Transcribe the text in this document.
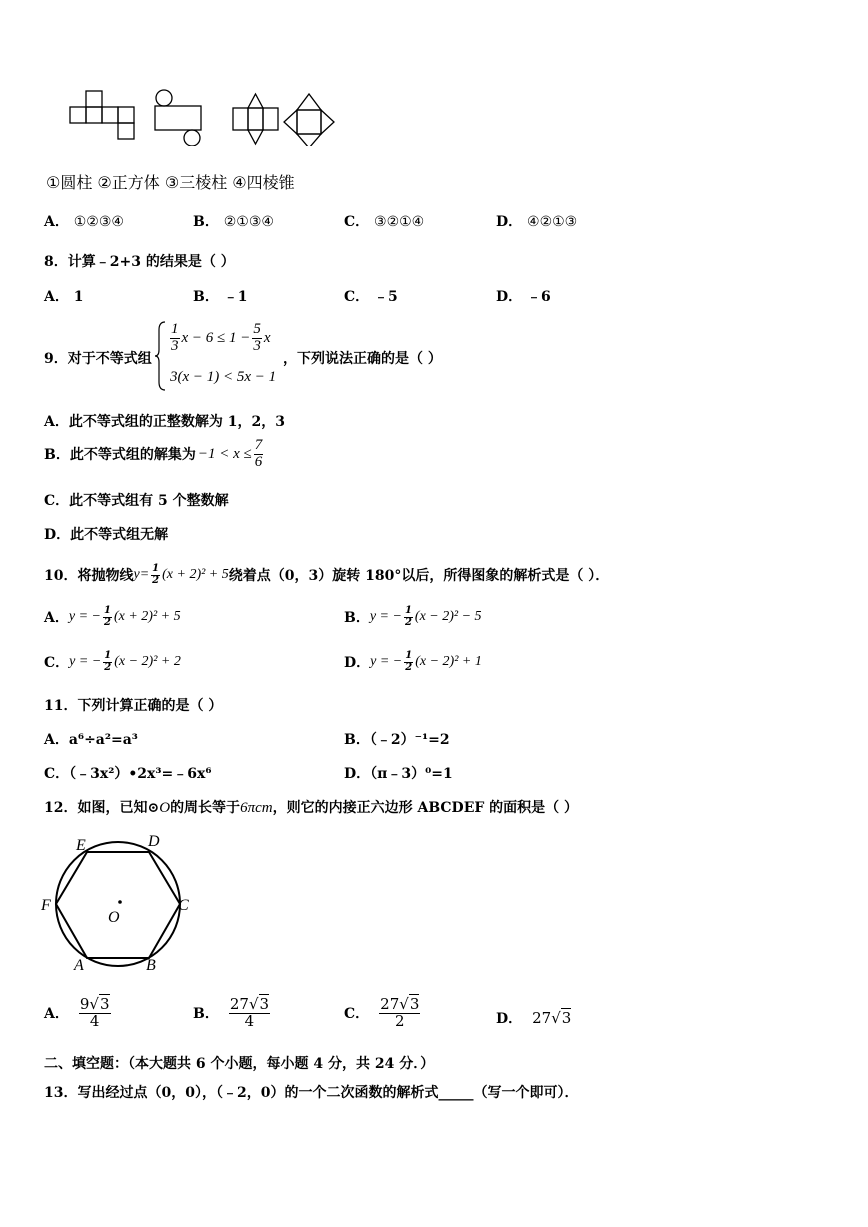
①圆柱 ②正方体 ③三棱柱 ④四棱锥
A． ①②③④	B． ②①③④	C． ③②①④	D． ④②①③
8．计算﹣2+3 的结果是（ ）
A． 1	B． ﹣1	C． ﹣5	D． ﹣6
9．对于不等式组
$\frac{1}{3}$ $x - 6 \le 1 - \frac{5}{3}$ x
3(x − 1) < 5x − 1
，下列说法正确的是（ ）
A．此不等式组的正整数解为 1，2，3
B．此不等式组的解集为 $-1 < x \le \frac{7}{6}$
C．此不等式组有 5 个整数解
D．此不等式组无解
10．将抛物线 $y= \frac{1}{2} (x + 2)^2 + 5$ 绕着点（0，3）旋转 180°以后，所得图象的解析式是（ ）．
A． y = − $\frac{1}{2} (x + 2)^2 + 5$	B． y = − $\frac{1}{2} (x - 2)^2 - 5$
C． y = − $\frac{1}{2} (x - 2)^2 + 2$	D． y = − $\frac{1}{2} (x - 2)^2 + 1$
11．下列计算正确的是（ ）
A．a⁶÷a²=a³	B．（﹣2）⁻¹=2
C．（﹣3x²）•2x³=﹣6x⁶	D．（π﹣3）⁰=1
12．如图，已知⊙O的周长等于6πcm，则它的内接正六边形 ABCDEF 的面积是（ ）
E	D
F	C
A	B
O
A． $\frac{9√3}{4}$	B． $\frac{27√3}{4}$	C． $\frac{27√3}{2}$	D． 27√3
二、填空题：（本大题共 6 个小题，每小题 4 分，共 24 分．）
13．写出经过点（0，0），（﹣2，0）的一个二次函数的解析式_____（写一个即可）．
